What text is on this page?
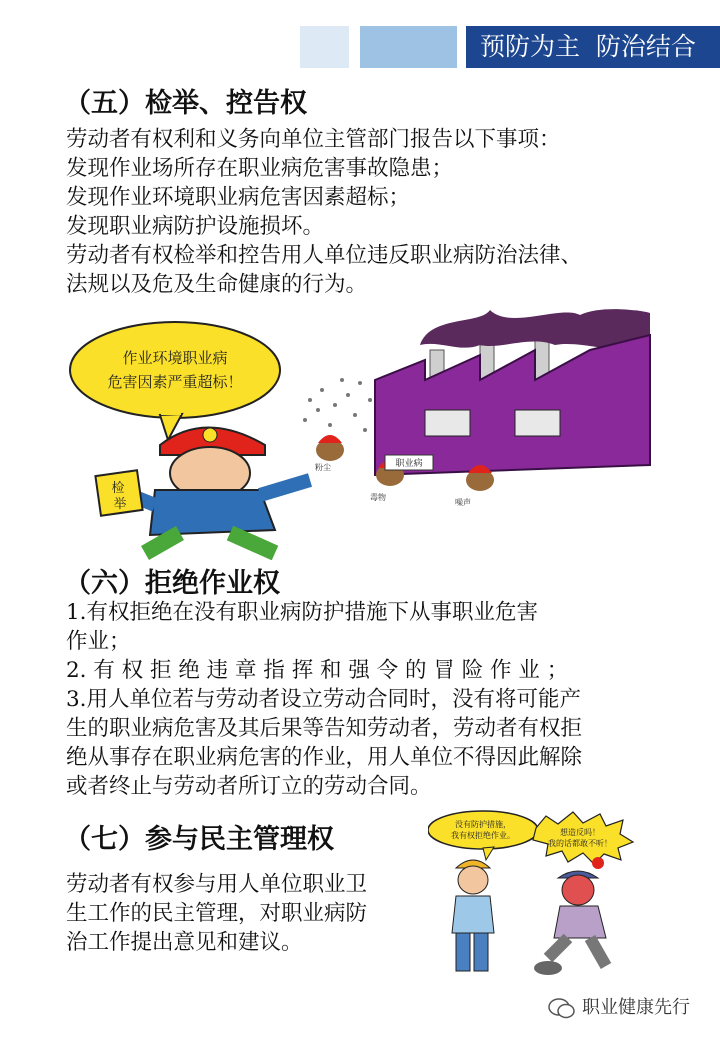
预防为主  防治结合
（五）检举、控告权
劳动者有权利和义务向单位主管部门报告以下事项：
发现作业场所存在职业病危害事故隐患；
发现作业环境职业病危害因素超标；
发现职业病防护设施损坏。
劳动者有权检举和控告用人单位违反职业病防治法律、
法规以及危及生命健康的行为。
职业病
粉尘
毒物
噪声
作业环境职业病
危害因素严重超标！
检
举
（六）拒绝作业权
1.有权拒绝在没有职业病防护措施下从事职业危害
作业；
2. 有 权 拒 绝 违 章 指 挥 和 强 令 的 冒 险 作 业 ；
3.用人单位若与劳动者设立劳动合同时，没有将可能产
生的职业病危害及其后果等告知劳动者，劳动者有权拒
绝从事存在职业病危害的作业，用人单位不得因此解除
或者终止与劳动者所订立的劳动合同。
（七）参与民主管理权
劳动者有权参与用人单位职业卫
生工作的民主管理，对职业病防
治工作提出意见和建议。
没有防护措施，
我有权拒绝作业。	想造反吗！
我的话都敢不听！
职业健康先行
